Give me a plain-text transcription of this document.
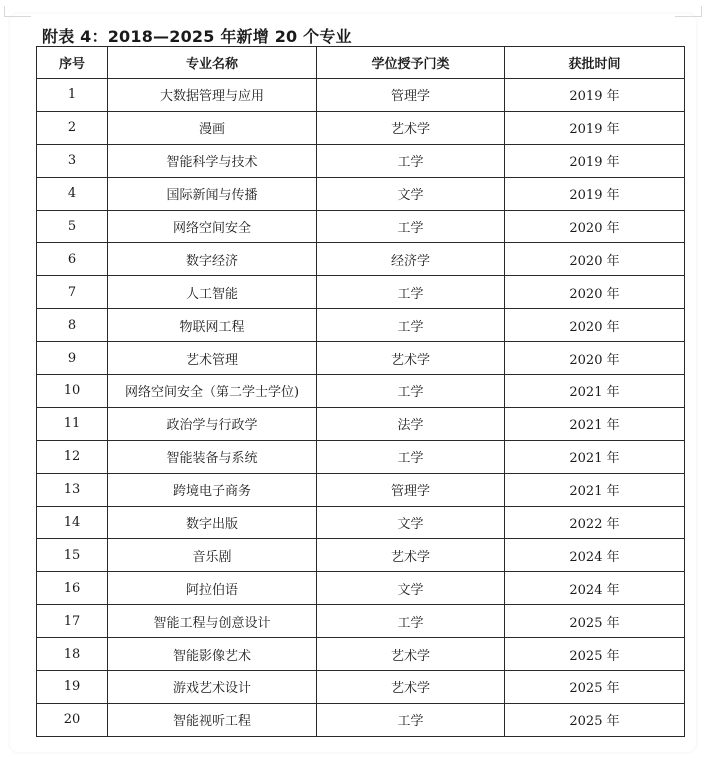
附表 4：2018—2025 年新增 20 个专业
序号	专业名称	学位授予门类	获批时间
1	大数据管理与应用	管理学	2019 年
2	漫画	艺术学	2019 年
3	智能科学与技术	工学	2019 年
4	国际新闻与传播	文学	2019 年
5	网络空间安全	工学	2020 年
6	数字经济	经济学	2020 年
7	人工智能	工学	2020 年
8	物联网工程	工学	2020 年
9	艺术管理	艺术学	2020 年
10	网络空间安全（第二学士学位)	工学	2021 年
11	政治学与行政学	法学	2021 年
12	智能装备与系统	工学	2021 年
13	跨境电子商务	管理学	2021 年
14	数字出版	文学	2022 年
15	音乐剧	艺术学	2024 年
16	阿拉伯语	文学	2024 年
17	智能工程与创意设计	工学	2025 年
18	智能影像艺术	艺术学	2025 年
19	游戏艺术设计	艺术学	2025 年
20	智能视听工程	工学	2025 年
